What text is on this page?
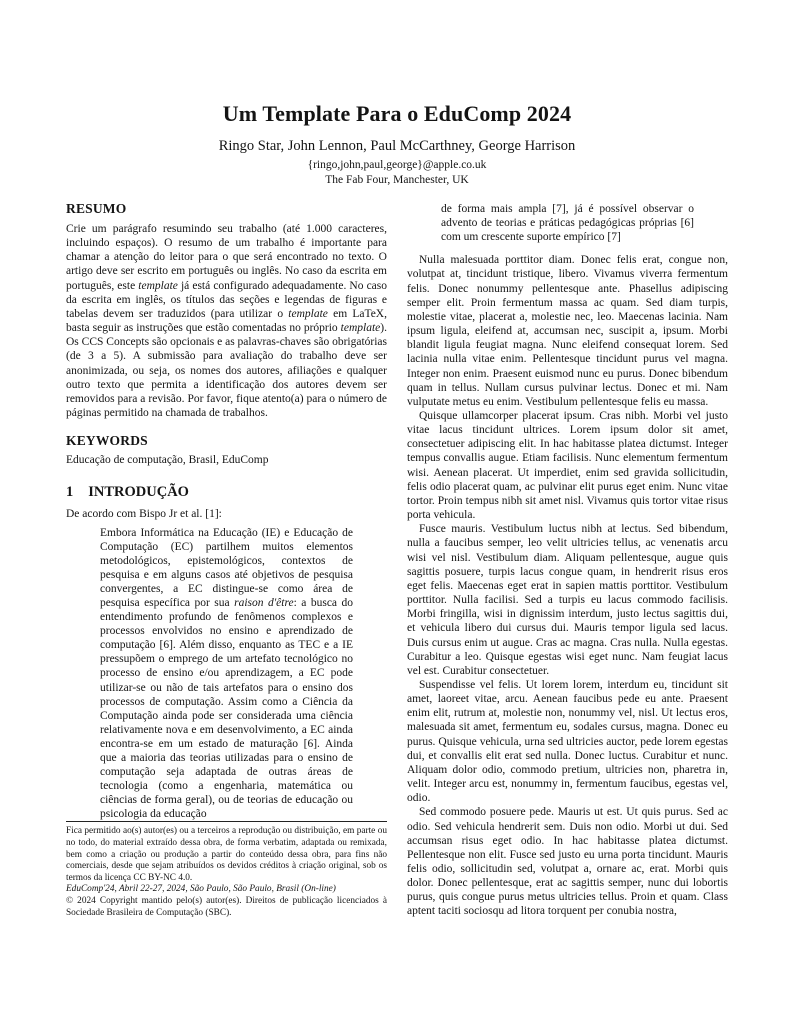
Um Template Para o EduComp 2024
Ringo Star, John Lennon, Paul McCarthney, George Harrison
{ringo,john,paul,george}@apple.co.uk
The Fab Four, Manchester, UK
RESUMO

Crie um parágrafo resumindo seu trabalho (até 1.000 caracteres, incluindo espaços). O resumo de um trabalho é importante para chamar a atenção do leitor para o que será encontrado no texto. O artigo deve ser escrito em português ou inglês. No caso da escrita em português, este template já está configurado adequadamente. No caso da escrita em inglês, os títulos das seções e legendas de figuras e tabelas devem ser traduzidos (para utilizar o template em LaTeX, basta seguir as instruções que estão comentadas no próprio template). Os CCS Concepts são opcionais e as palavras-chaves são obrigatórias (de 3 a 5). A submissão para avaliação do trabalho deve ser anonimizada, ou seja, os nomes dos autores, afiliações e qualquer outro texto que permita a identificação dos autores devem ser removidos para a revisão. Por favor, fique atento(a) para o número de páginas permitido na chamada de trabalhos.

KEYWORDS

Educação de computação, Brasil, EduComp

1 INTRODUÇÃO

De acordo com Bispo Jr et al. [1]:

Embora Informática na Educação (IE) e Educação de Computação (EC) partilhem muitos elementos metodológicos, epistemológicos, contextos de pesquisa e em alguns casos até objetivos de pesquisa convergentes, a EC distingue-se como área de pesquisa específica por sua raison d'être: a busca do entendimento profundo de fenômenos complexos e processos envolvidos no ensino e aprendizado de computação [6]. Além disso, enquanto as TEC e a IE pressupõem o emprego de um artefato tecnológico no processo de ensino e/ou aprendizagem, a EC pode utilizar-se ou não de tais artefatos para o ensino dos processos de computação. Assim como a Ciência da Computação ainda pode ser considerada uma ciência relativamente nova e em desenvolvimento, a EC ainda encontra-se em um estado de maturação [6]. Ainda que a maioria das teorias utilizadas para o ensino de computação seja adaptada de outras áreas de tecnologia (como a engenharia, matemática ou ciências de forma geral), ou de teorias de educação ou psicologia da educação

Fica permitido ao(s) autor(es) ou a terceiros a reprodução ou distribuição, em parte ou no todo, do material extraído dessa obra, de forma verbatim, adaptada ou remixada, bem como a criação ou produção a partir do conteúdo dessa obra, para fins não comerciais, desde que sejam atribuídos os devidos créditos à criação original, sob os termos da licença CC BY-NC 4.0.

EduComp'24, Abril 22-27, 2024, São Paulo, São Paulo, Brasil (On-line)

© 2024 Copyright mantido pelo(s) autor(es). Direitos de publicação licenciados à Sociedade Brasileira de Computação (SBC).

de forma mais ampla [7], já é possível observar o advento de teorias e práticas pedagógicas próprias [6] com um crescente suporte empírico [7]

Nulla malesuada porttitor diam. Donec felis erat, congue non, volutpat at, tincidunt tristique, libero. Vivamus viverra fermentum felis. Donec nonummy pellentesque ante. Phasellus adipiscing semper elit. Proin fermentum massa ac quam. Sed diam turpis, molestie vitae, placerat a, molestie nec, leo. Maecenas lacinia. Nam ipsum ligula, eleifend at, accumsan nec, suscipit a, ipsum. Morbi blandit ligula feugiat magna. Nunc eleifend consequat lorem. Sed lacinia nulla vitae enim. Pellentesque tincidunt purus vel magna. Integer non enim. Praesent euismod nunc eu purus. Donec bibendum quam in tellus. Nullam cursus pulvinar lectus. Donec et mi. Nam vulputate metus eu enim. Vestibulum pellentesque felis eu massa.

Quisque ullamcorper placerat ipsum. Cras nibh. Morbi vel justo vitae lacus tincidunt ultrices. Lorem ipsum dolor sit amet, consectetuer adipiscing elit. In hac habitasse platea dictumst. Integer tempus convallis augue. Etiam facilisis. Nunc elementum fermentum wisi. Aenean placerat. Ut imperdiet, enim sed gravida sollicitudin, felis odio placerat quam, ac pulvinar elit purus eget enim. Nunc vitae tortor. Proin tempus nibh sit amet nisl. Vivamus quis tortor vitae risus porta vehicula.

Fusce mauris. Vestibulum luctus nibh at lectus. Sed bibendum, nulla a faucibus semper, leo velit ultricies tellus, ac venenatis arcu wisi vel nisl. Vestibulum diam. Aliquam pellentesque, augue quis sagittis posuere, turpis lacus congue quam, in hendrerit risus eros eget felis. Maecenas eget erat in sapien mattis porttitor. Vestibulum porttitor. Nulla facilisi. Sed a turpis eu lacus commodo facilisis. Morbi fringilla, wisi in dignissim interdum, justo lectus sagittis dui, et vehicula libero dui cursus dui. Mauris tempor ligula sed lacus. Duis cursus enim ut augue. Cras ac magna. Cras nulla. Nulla egestas. Curabitur a leo. Quisque egestas wisi eget nunc. Nam feugiat lacus vel est. Curabitur consectetuer.

Suspendisse vel felis. Ut lorem lorem, interdum eu, tincidunt sit amet, laoreet vitae, arcu. Aenean faucibus pede eu ante. Praesent enim elit, rutrum at, molestie non, nonummy vel, nisl. Ut lectus eros, malesuada sit amet, fermentum eu, sodales cursus, magna. Donec eu purus. Quisque vehicula, urna sed ultricies auctor, pede lorem egestas dui, et convallis elit erat sed nulla. Donec luctus. Curabitur et nunc. Aliquam dolor odio, commodo pretium, ultricies non, pharetra in, velit. Integer arcu est, nonummy in, fermentum faucibus, egestas vel, odio.

Sed commodo posuere pede. Mauris ut est. Ut quis purus. Sed ac odio. Sed vehicula hendrerit sem. Duis non odio. Morbi ut dui. Sed accumsan risus eget odio. In hac habitasse platea dictumst. Pellentesque non elit. Fusce sed justo eu urna porta tincidunt. Mauris felis odio, sollicitudin sed, volutpat a, ornare ac, erat. Morbi quis dolor. Donec pellentesque, erat ac sagittis semper, nunc dui lobortis purus, quis congue purus metus ultricies tellus. Proin et quam. Class aptent taciti sociosqu ad litora torquent per conubia nostra,
